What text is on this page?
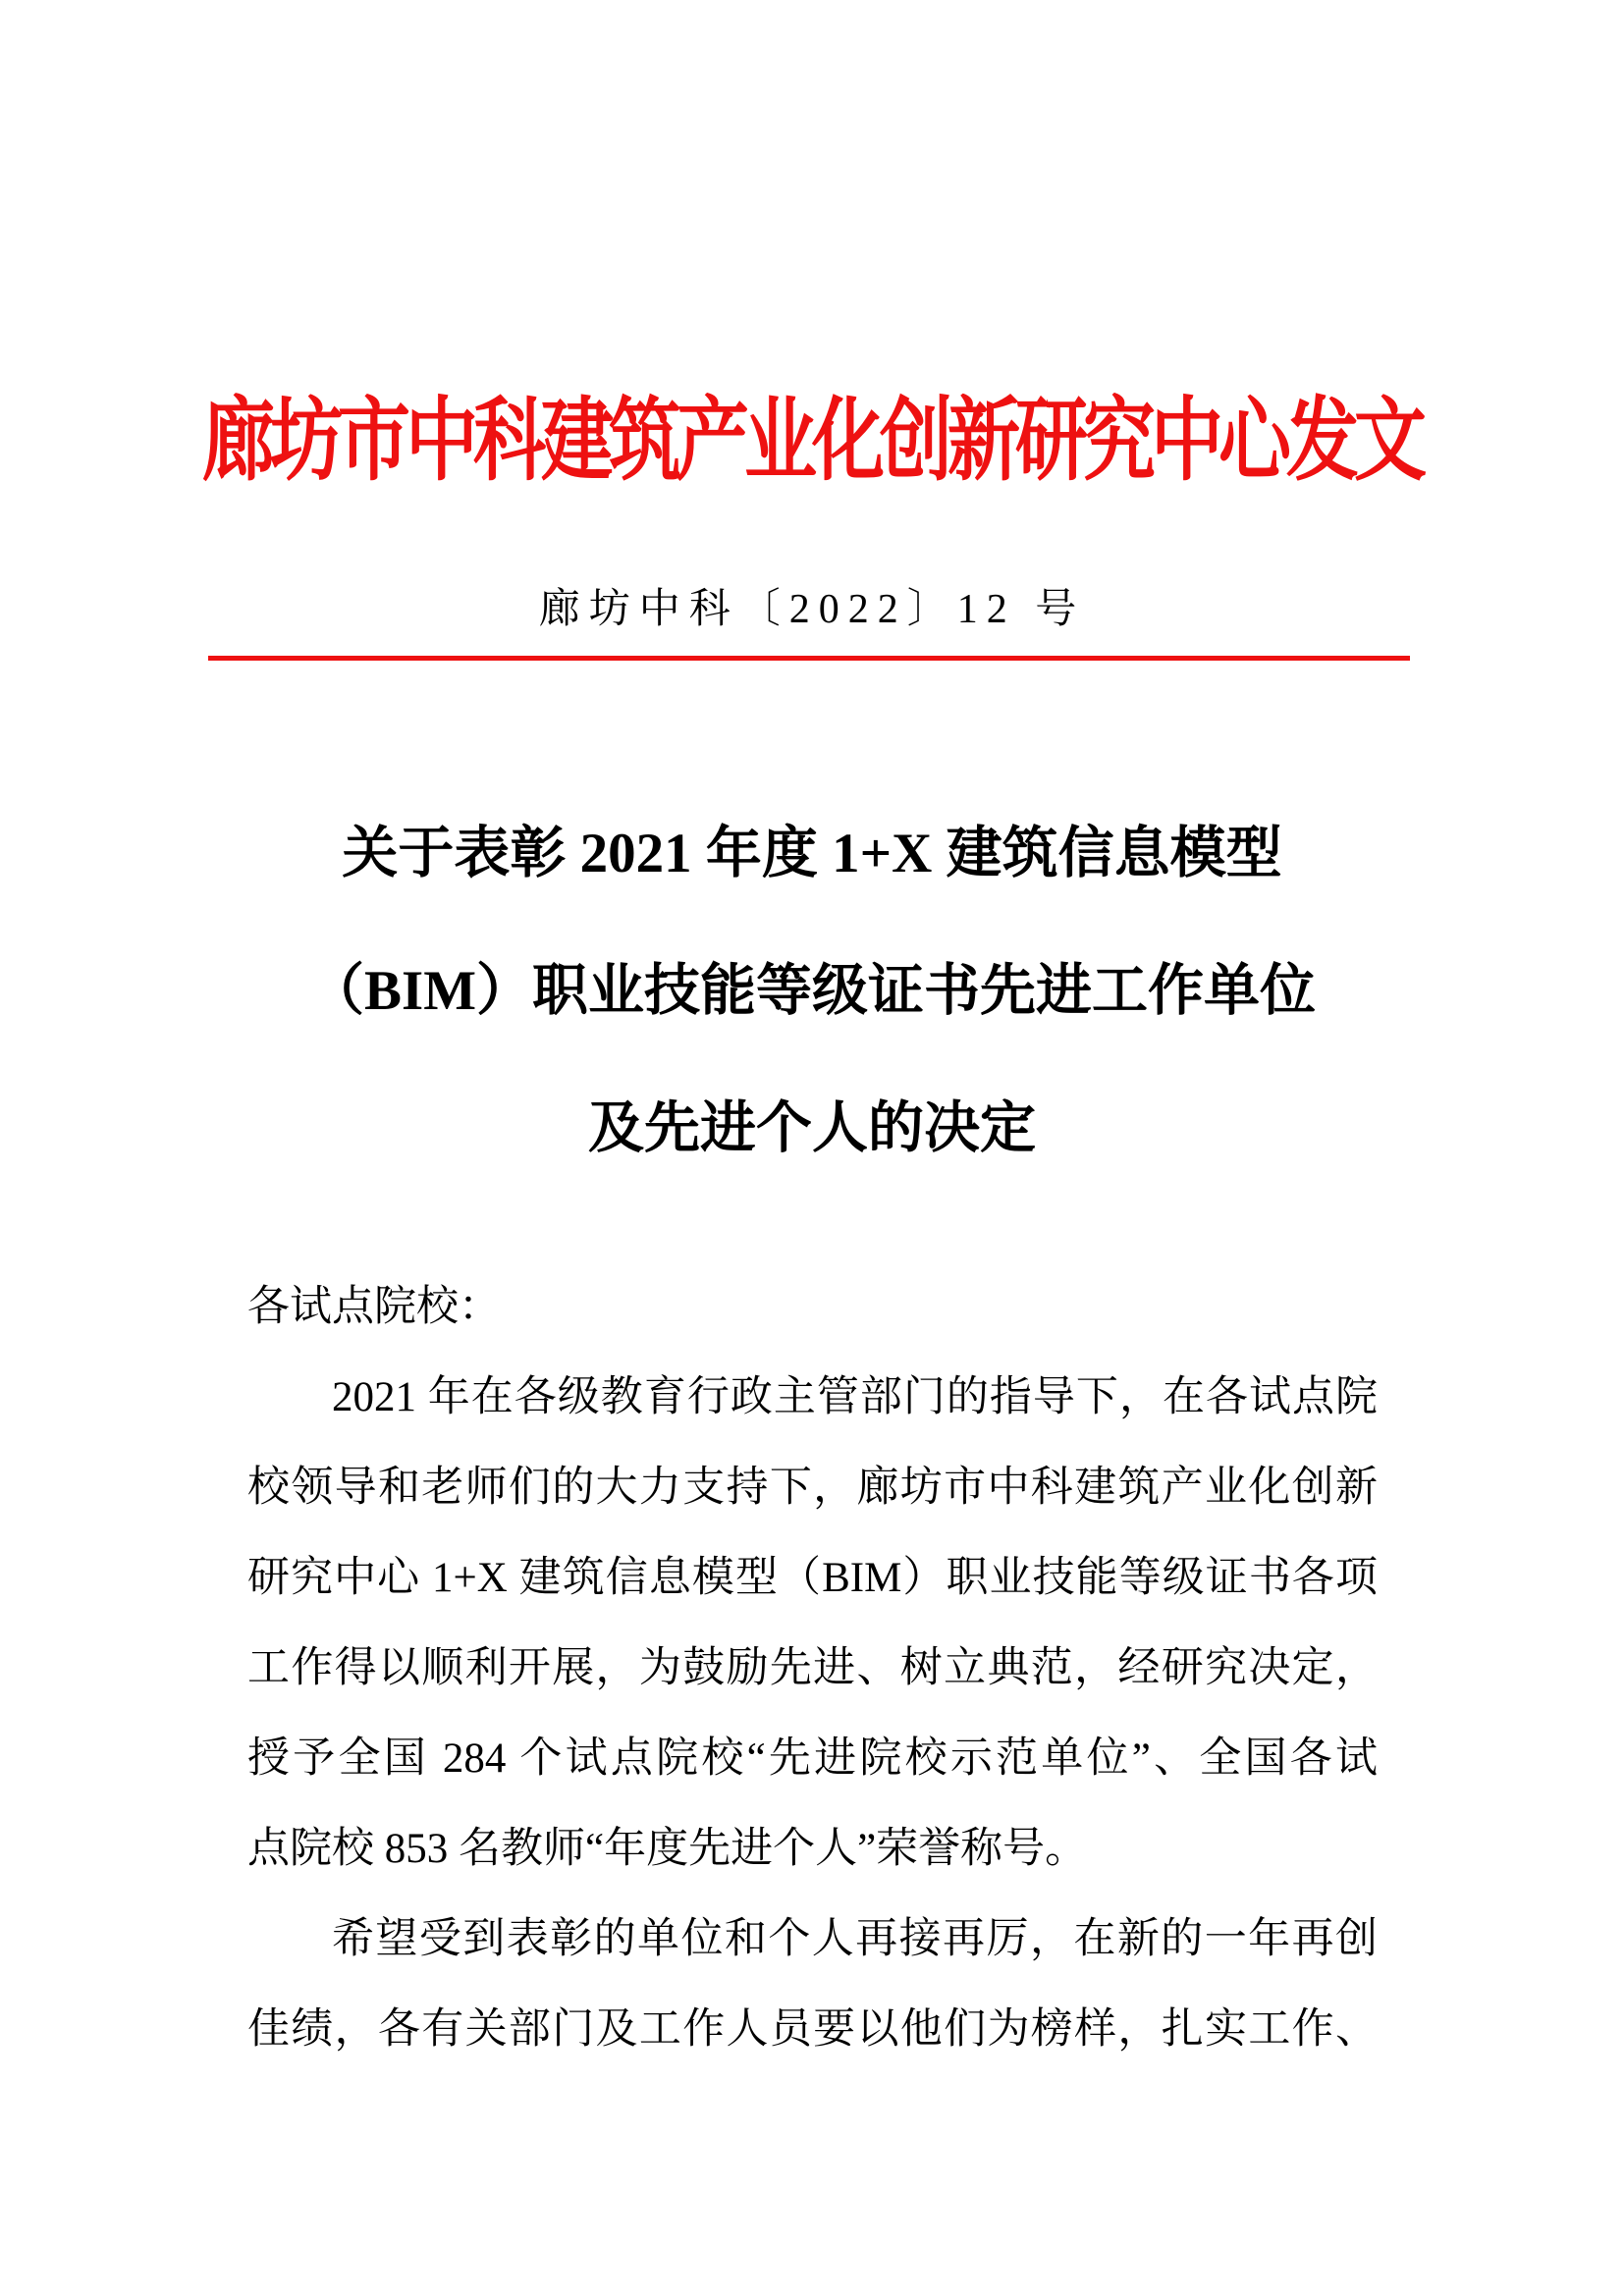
廊坊市中科建筑产业化创新研究中心发文
廊坊中科〔2022〕12 号
关于表彰 2021 年度 1+X 建筑信息模型
（BIM）职业技能等级证书先进工作单位
及先进个人的决定
各试点院校：
2021 年在各级教育行政主管部门的指导下，在各试点院
校领导和老师们的大力支持下，廊坊市中科建筑产业化创新
研究中心 1+X 建筑信息模型（BIM）职业技能等级证书各项
工作得以顺利开展，为鼓励先进、树立典范，经研究决定，
授予全国 284 个试点院校“先进院校示范单位”、全国各试
点院校 853 名教师“年度先进个人”荣誉称号。
希望受到表彰的单位和个人再接再厉，在新的一年再创
佳绩，各有关部门及工作人员要以他们为榜样，扎实工作、
